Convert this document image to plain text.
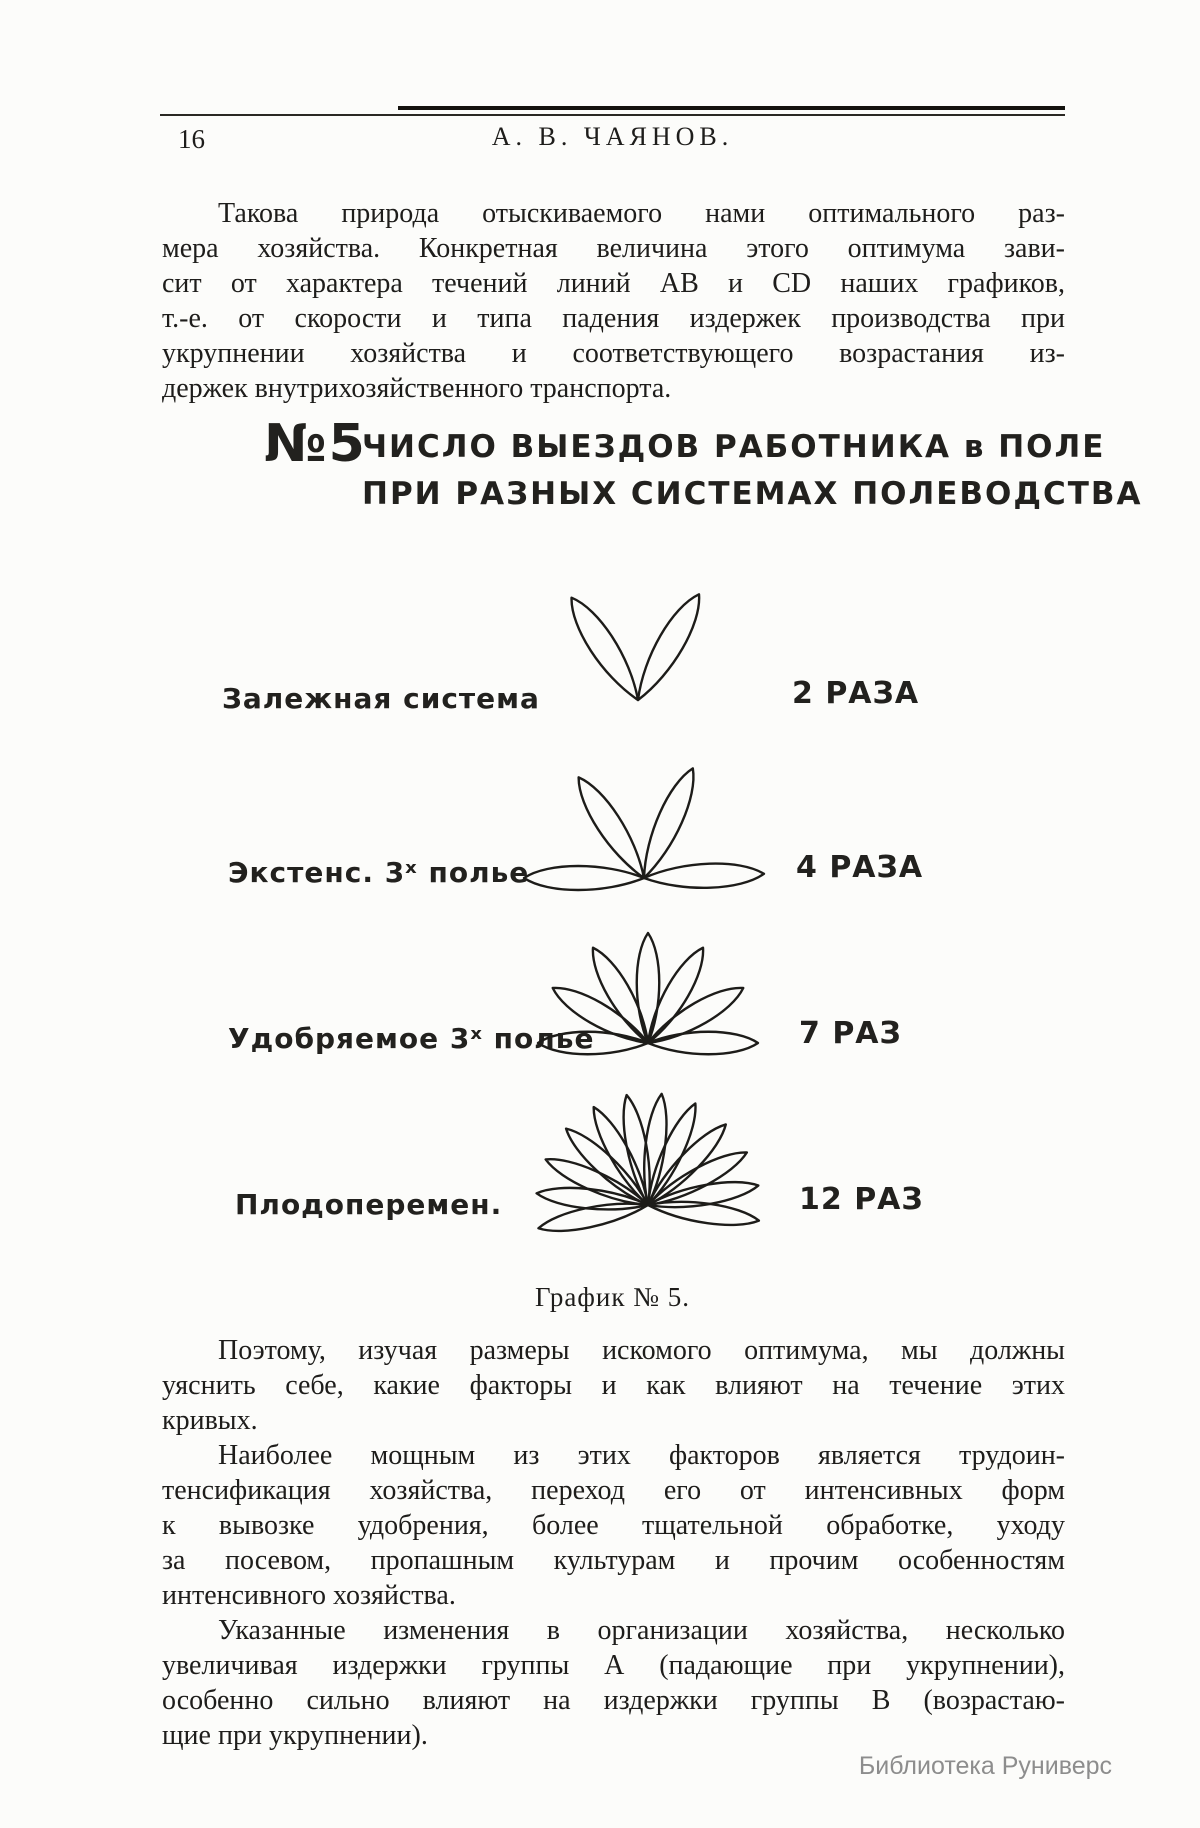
16	А. В. ЧАЯНОВ.
Такова природа отыскиваемого нами оптимального раз-
мера хозяйства. Конкретная величина этого оптимума зави-
сит от характера течений линий АВ и CD наших графиков,
т.-е. от скорости и типа падения издержек производства при
укрупнении хозяйства и соответствующего возрастания из-
держек внутрихозяйственного транспорта.
№5
ЧИСЛО ВЫЕЗДОВ РАБОТНИКА в ПОЛЕ
ПРИ РАЗНЫХ СИСТЕМАХ ПОЛЕВОДСТВА
Залежная система	2 РАЗА
Экстенс. 3ˣ полье	4 РАЗА
Удобряемое 3ˣ полье	7 РАЗ
Плодоперемен.	12 РАЗ
График № 5.
Поэтому, изучая размеры искомого оптимума, мы должны
уяснить себе, какие факторы и как влияют на течение этих
кривых.
Наиболее мощным из этих факторов является трудоин-
тенсификация хозяйства, переход его от интенсивных форм
к вывозке удобрения, более тщательной обработке, уходу
за посевом, пропашным культурам и прочим особенностям
интенсивного хозяйства.
Указанные изменения в организации хозяйства, несколько
увеличивая издержки группы А (падающие при укрупнении),
особенно сильно влияют на издержки группы В (возрастаю-
щие при укрупнении).
Библиотека Руниверс
